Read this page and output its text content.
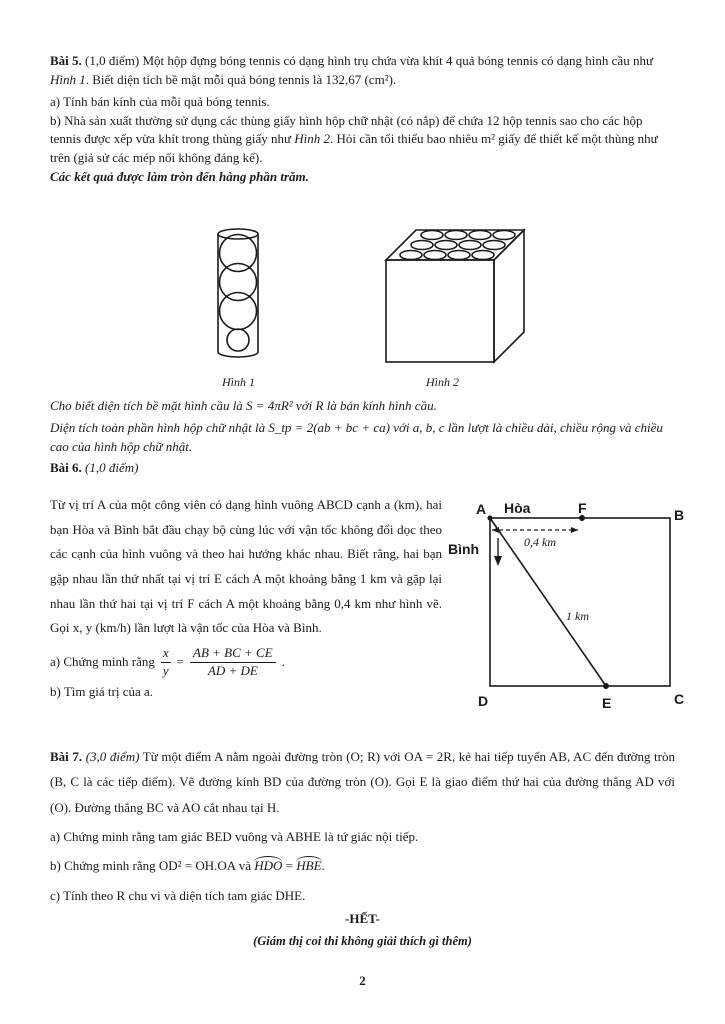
Bài 5. (1,0 điểm) Một hộp đựng bóng tennis có dạng hình trụ chứa vừa khít 4 quả bóng tennis có dạng hình cầu như Hình 1. Biết diện tích bề mặt mỗi quả bóng tennis là 132,67 (cm²).

a) Tính bán kính của mỗi quả bóng tennis.

b) Nhà sản xuất thường sử dụng các thùng giấy hình hộp chữ nhật (có nắp) để chứa 12 hộp tennis sao cho các hộp tennis được xếp vừa khít trong thùng giấy như Hình 2. Hỏi cần tối thiểu bao nhiêu m² giấy để thiết kế một thùng như trên (giả sử các mép nối không đáng kể).

Các kết quả được làm tròn đến hàng phần trăm.

Hình 1	Hình 2

Cho biết diện tích bề mặt hình cầu là S = 4πR² với R là bán kính hình cầu.

Diện tích toàn phần hình hộp chữ nhật là S_tp = 2(ab + bc + ca) với a, b, c lần lượt là chiều dài, chiều rộng và chiều cao của hình hộp chữ nhật.

Bài 6. (1,0 điểm)

Từ vị trí A của một công viên có dạng hình vuông ABCD cạnh a (km), hai bạn Hòa và Bình bắt đầu chạy bộ cùng lúc với vận tốc không đổi dọc theo các cạnh của hình vuông và theo hai hướng khác nhau. Biết rằng, hai bạn gặp nhau lần thứ nhất tại vị trí E cách A một khoảng bằng 1 km và gặp lại nhau lần thứ hai tại vị trí F cách A một khoảng bằng 0,4 km như hình vẽ. Gọi x, y (km/h) lần lượt là vận tốc của Hòa và Bình.

a) Chứng minh rằng $\frac{x}{y} = \frac{AB + BC + CE}{AD + DE}$ .

b) Tìm giá trị của a.

A	B
C
D	E
F
Hòa
Bình	0,4 km
1 km

Bài 7. (3,0 điểm) Từ một điểm A nằm ngoài đường tròn (O; R) với OA = 2R, kẻ hai tiếp tuyến AB, AC đến đường tròn (B, C là các tiếp điểm). Vẽ đường kính BD của đường tròn (O). Gọi E là giao điểm thứ hai của đường thẳng AD với (O). Đường thẳng BC và AO cắt nhau tại H.

a) Chứng minh rằng tam giác BED vuông và ABHE là tứ giác nội tiếp.

b) Chứng minh rằng OD² = OH.OA và HDO = HBE.

c) Tính theo R chu vi và diện tích tam giác DHE.

-HẾT-
(Giám thị coi thi không giải thích gì thêm)
2
